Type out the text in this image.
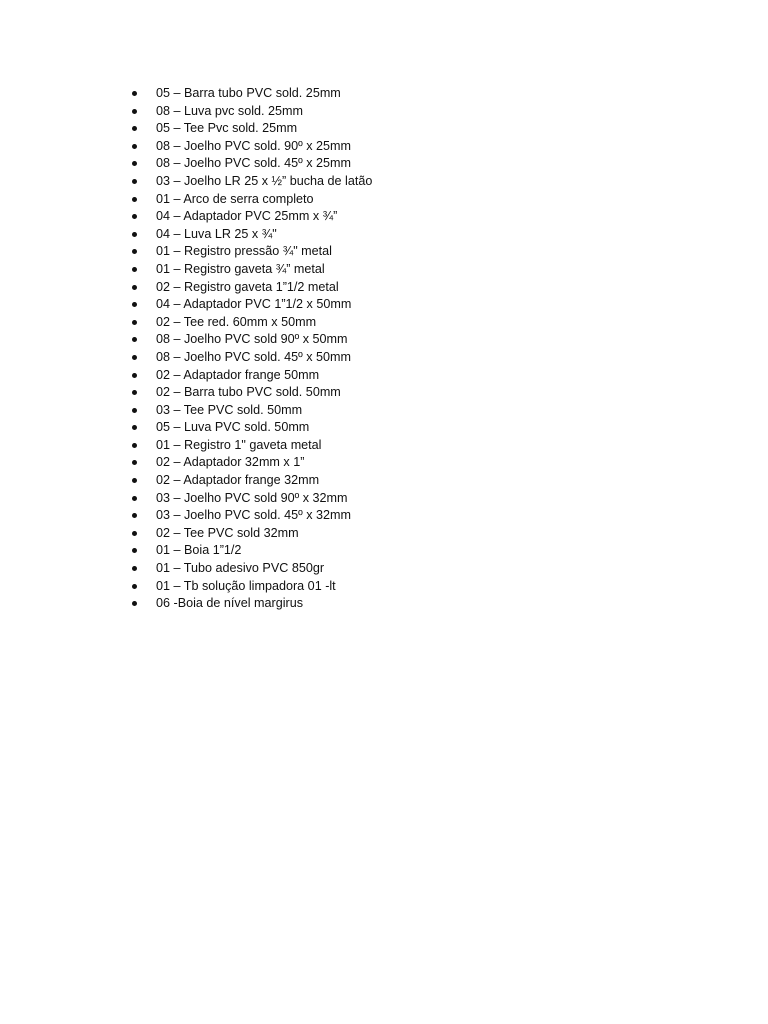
05 – Barra tubo PVC sold. 25mm
08 – Luva pvc sold. 25mm
05 – Tee Pvc sold. 25mm
08 – Joelho PVC sold. 90º x 25mm
08 – Joelho PVC sold. 45º x 25mm
03 – Joelho LR 25 x ½” bucha de latão
01 – Arco de serra completo
04 – Adaptador PVC 25mm x ¾”
04 – Luva LR 25 x ¾"
01 – Registro pressão ¾" metal
01 – Registro gaveta ¾” metal
02 – Registro gaveta 1”1/2 metal
04 – Adaptador PVC 1”1/2 x 50mm
02 – Tee red. 60mm x 50mm
08 – Joelho PVC sold 90º x 50mm
08 – Joelho PVC sold. 45º x 50mm
02 – Adaptador frange 50mm
02 – Barra tubo PVC sold. 50mm
03 – Tee PVC sold. 50mm
05 – Luva PVC sold. 50mm
01 – Registro 1" gaveta metal
02 – Adaptador 32mm x 1”
02 – Adaptador frange 32mm
03 – Joelho PVC sold 90º x 32mm
03 – Joelho PVC sold. 45º x 32mm
02 – Tee PVC sold 32mm
01 – Boia 1”1/2
01 – Tubo adesivo PVC 850gr
01 – Tb solução limpadora 01 -lt
06 -Boia de nível margirus
